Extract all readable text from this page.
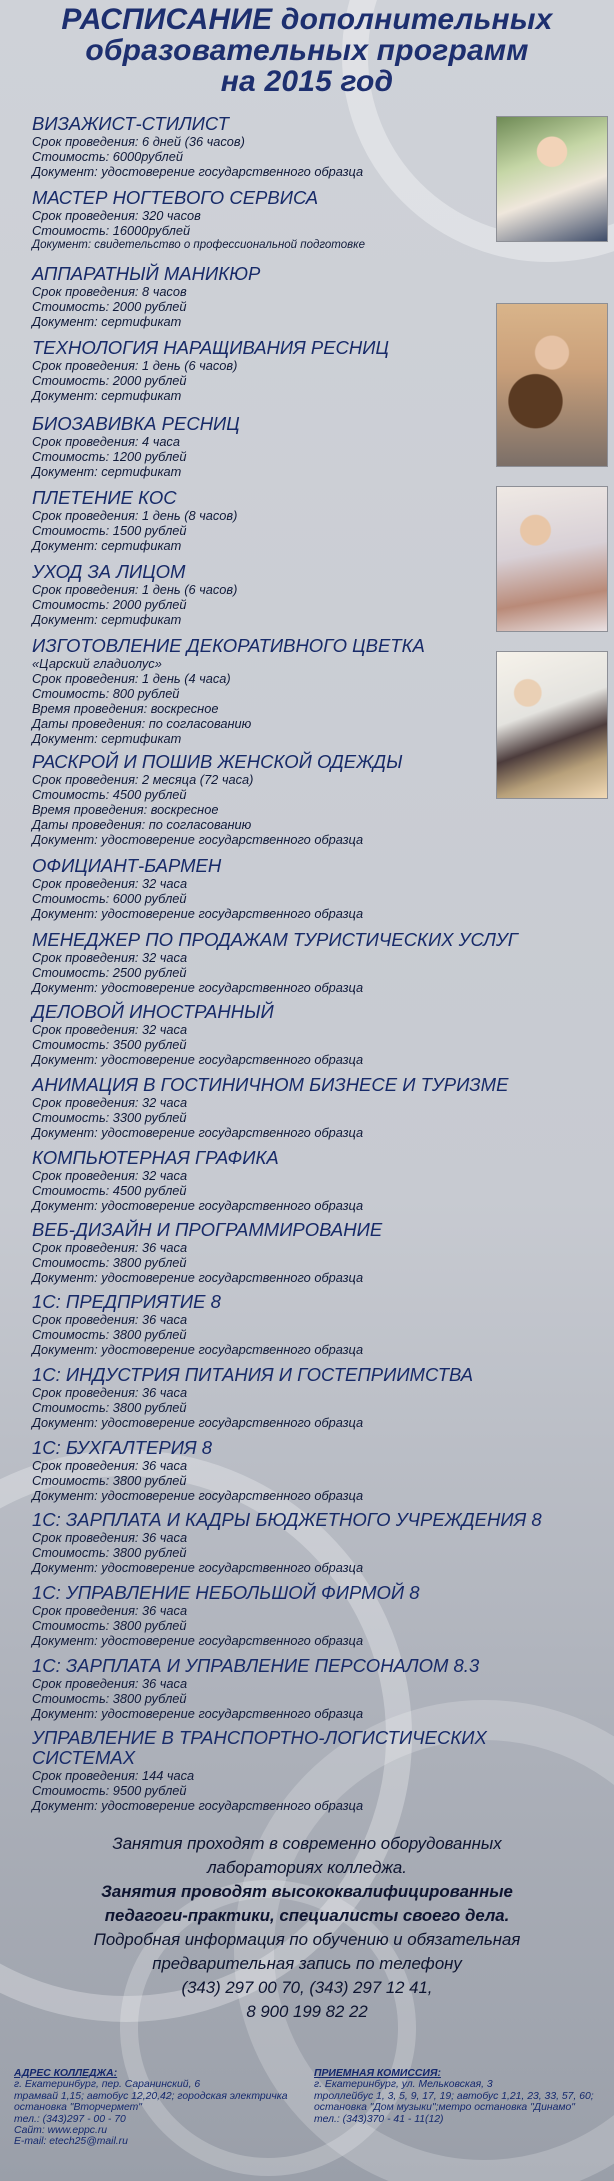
РАСПИСАНИЕ дополнительных
образовательных программ
на 2015 год
ВИЗАЖИСТ-СТИЛИСТ
Срок проведения: 6 дней (36 часов)
Стоимость: 6000рублей
Документ: удостоверение государственного образца
МАСТЕР НОГТЕВОГО СЕРВИСА
Срок проведения: 320 часов
Стоимость: 16000рублей
Документ: свидетельство о профессиональной подготовке
АППАРАТНЫЙ МАНИКЮР
Срок проведения: 8 часов
Стоимость: 2000 рублей
Документ: сертификат
ТЕХНОЛОГИЯ НАРАЩИВАНИЯ РЕСНИЦ
Срок проведения: 1 день (6 часов)
Стоимость: 2000 рублей
Документ: сертификат
БИОЗАВИВКА РЕСНИЦ
Срок проведения: 4 часа
Стоимость: 1200 рублей
Документ: сертификат
ПЛЕТЕНИЕ КОС
Срок проведения: 1 день (8 часов)
Стоимость: 1500 рублей
Документ: сертификат
УХОД ЗА ЛИЦОМ
Срок проведения: 1 день (6 часов)
Стоимость: 2000 рублей
Документ: сертификат
ИЗГОТОВЛЕНИЕ ДЕКОРАТИВНОГО ЦВЕТКА
«Царский гладиолус»
Срок проведения: 1 день (4 часа)
Стоимость: 800 рублей
Время проведения: воскресное
Даты проведения: по согласованию
Документ: сертификат
РАСКРОЙ И ПОШИВ ЖЕНСКОЙ ОДЕЖДЫ
Срок проведения: 2 месяца (72 часа)
Стоимость: 4500 рублей
Время проведения: воскресное
Даты проведения: по согласованию
Документ: удостоверение государственного образца
ОФИЦИАНТ-БАРМЕН
Срок проведения: 32 часа
Стоимость: 6000 рублей
Документ: удостоверение государственного образца
МЕНЕДЖЕР ПО ПРОДАЖАМ ТУРИСТИЧЕСКИХ УСЛУГ
Срок проведения: 32 часа
Стоимость: 2500 рублей
Документ: удостоверение государственного образца
ДЕЛОВОЙ ИНОСТРАННЫЙ
Срок проведения: 32 часа
Стоимость: 3500 рублей
Документ: удостоверение государственного образца
АНИМАЦИЯ В ГОСТИНИЧНОМ БИЗНЕСЕ И ТУРИЗМЕ
Срок проведения: 32 часа
Стоимость: 3300 рублей
Документ: удостоверение государственного образца
КОМПЬЮТЕРНАЯ ГРАФИКА
Срок проведения: 32 часа
Стоимость: 4500 рублей
Документ: удостоверение государственного образца
ВЕБ-ДИЗАЙН И ПРОГРАММИРОВАНИЕ
Срок проведения: 36 часа
Стоимость: 3800 рублей
Документ: удостоверение государственного образца
1С: ПРЕДПРИЯТИЕ 8
Срок проведения: 36 часа
Стоимость: 3800 рублей
Документ: удостоверение государственного образца
1С: ИНДУСТРИЯ ПИТАНИЯ И ГОСТЕПРИИМСТВА
Срок проведения: 36 часа
Стоимость: 3800 рублей
Документ: удостоверение государственного образца
1С: БУХГАЛТЕРИЯ 8
Срок проведения: 36 часа
Стоимость: 3800 рублей
Документ: удостоверение государственного образца
1С: ЗАРПЛАТА И КАДРЫ БЮДЖЕТНОГО УЧРЕЖДЕНИЯ 8
Срок проведения: 36 часа
Стоимость: 3800 рублей
Документ: удостоверение государственного образца
1С: УПРАВЛЕНИЕ НЕБОЛЬШОЙ ФИРМОЙ 8
Срок проведения: 36 часа
Стоимость: 3800 рублей
Документ: удостоверение государственного образца
1С: ЗАРПЛАТА И УПРАВЛЕНИЕ ПЕРСОНАЛОМ 8.3
Срок проведения: 36 часа
Стоимость: 3800 рублей
Документ: удостоверение государственного образца
УПРАВЛЕНИЕ В ТРАНСПОРТНО-ЛОГИСТИЧЕСКИХ СИСТЕМАХ
Срок проведения: 144 часа
Стоимость: 9500 рублей
Документ: удостоверение государственного образца
Занятия проходят в современно оборудованных
лабораториях колледжа.
Занятия проводят высококвалифицированные
педагоги-практики, специалисты своего дела.
Подробная информация по обучению и обязательная
предварительная запись по телефону
(343) 297 00 70, (343) 297 12 41,
8 900 199 82 22
АДРЕС КОЛЛЕДЖА:
г. Екатеринбург, пер. Саранинский, 6
трамвай 1,15; автобус 12,20,42; городская электричка
остановка "Вторчермет"
тел.: (343)297 - 00 - 70
Сайт: www.eppc.ru
E-mail: etech25@mail.ru
ПРИЕМНАЯ КОМИССИЯ:
г. Екатеринбург, ул. Мельковская, 3
троллейбус 1, 3, 5, 9, 17, 19; автобус 1,21, 23, 33, 57, 60;
остановка "Дом музыки";метро остановка "Динамо"
тел.: (343)370 - 41 - 11(12)
